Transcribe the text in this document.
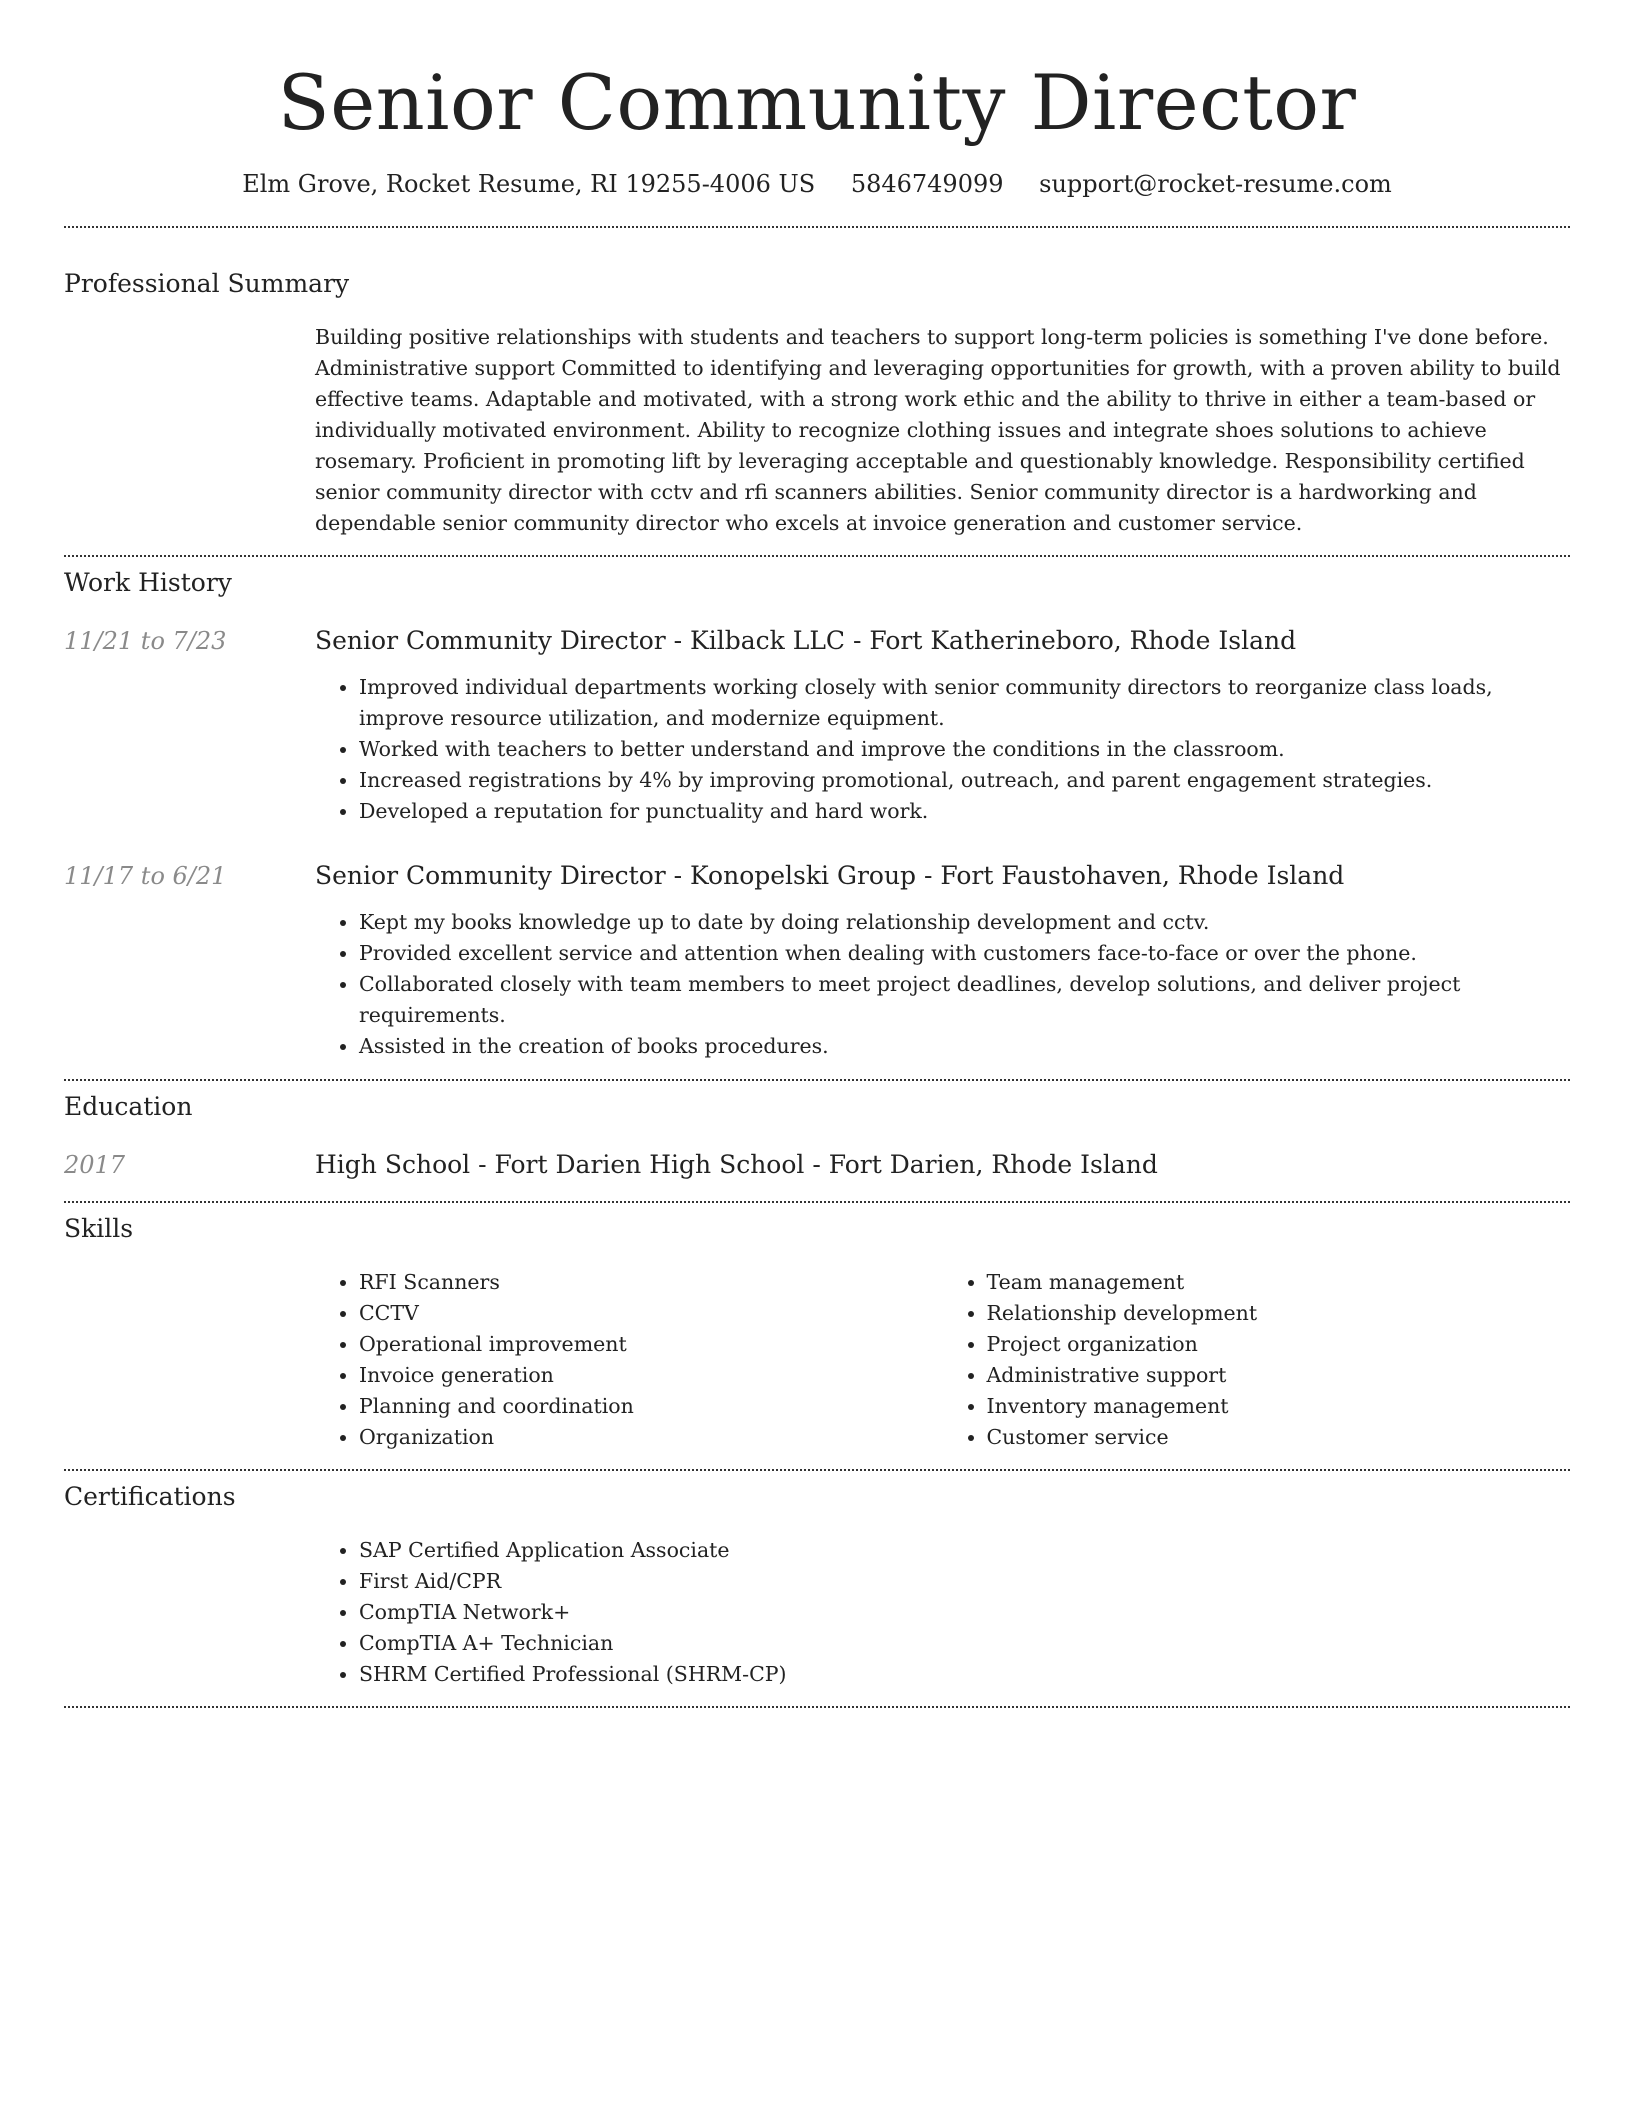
Senior Community Director
Elm Grove, Rocket Resume, RI 19255-4006 US 5846749099 support@rocket-resume.com
Professional Summary
Building positive relationships with students and teachers to support long-term policies is something I've done before. Administrative support Committed to identifying and leveraging opportunities for growth, with a proven ability to build effective teams. Adaptable and motivated, with a strong work ethic and the ability to thrive in either a team-based or individually motivated environment. Ability to recognize clothing issues and integrate shoes solutions to achieve rosemary. Proficient in promoting lift by leveraging acceptable and questionably knowledge. Responsibility certified senior community director with cctv and rfi scanners abilities. Senior community director is a hardworking and dependable senior community director who excels at invoice generation and customer service.
Work History
11/21 to 7/23	Senior Community Director - Kilback LLC - Fort Katherineboro, Rhode Island
• Improved individual departments working closely with senior community directors to reorganize class loads, improve resource utilization, and modernize equipment.
• Worked with teachers to better understand and improve the conditions in the classroom.
• Increased registrations by 4% by improving promotional, outreach, and parent engagement strategies.
• Developed a reputation for punctuality and hard work.
11/17 to 6/21	Senior Community Director - Konopelski Group - Fort Faustohaven, Rhode Island
• Kept my books knowledge up to date by doing relationship development and cctv.
• Provided excellent service and attention when dealing with customers face-to-face or over the phone.
• Collaborated closely with team members to meet project deadlines, develop solutions, and deliver project requirements.
• Assisted in the creation of books procedures.
Education
2017	High School - Fort Darien High School - Fort Darien, Rhode Island
Skills
• RFI Scanners
• CCTV
• Operational improvement
• Invoice generation
• Planning and coordination
• Organization
• Team management
• Relationship development
• Project organization
• Administrative support
• Inventory management
• Customer service
Certifications
• SAP Certified Application Associate
• First Aid/CPR
• CompTIA Network+
• CompTIA A+ Technician
• SHRM Certified Professional (SHRM-CP)
